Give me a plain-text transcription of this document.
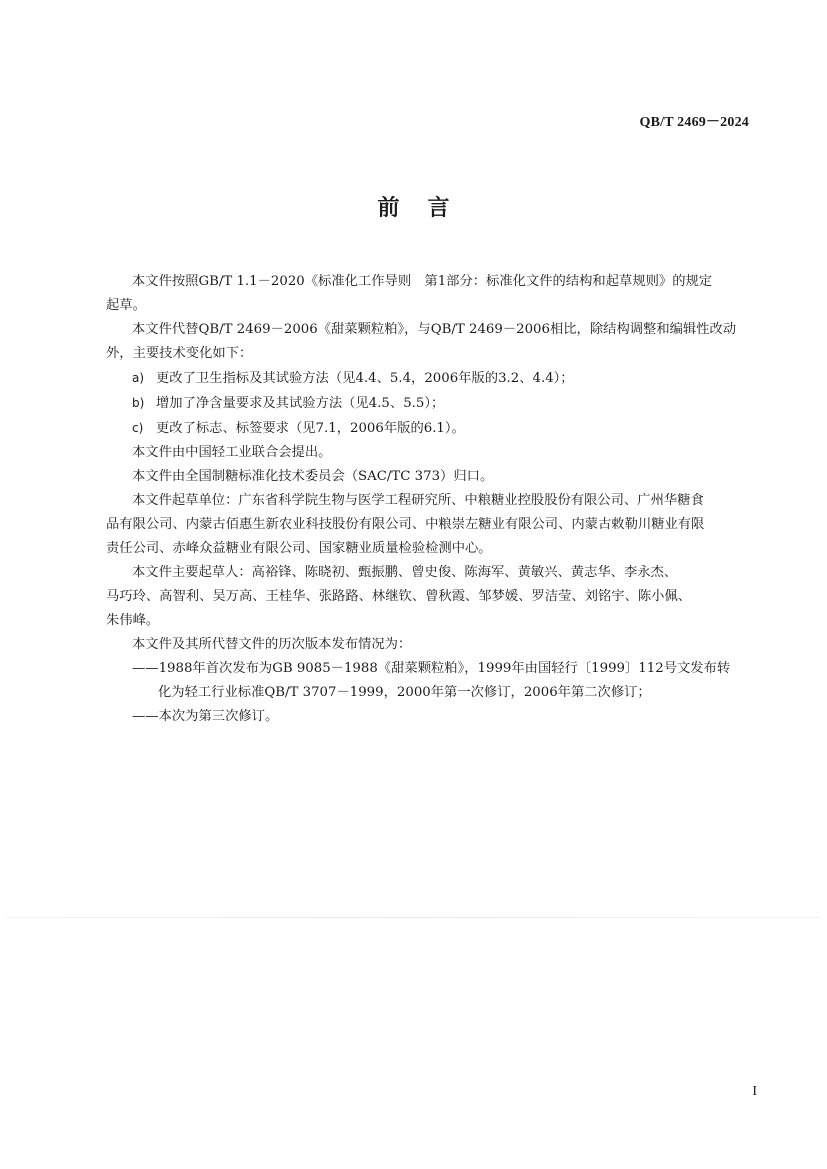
QB/T 2469－2024
前言

本文件按照GB/T 1.1－2020《标准化工作导则　第1部分：标准化文件的结构和起草规则》的规定
起草。

本文件代替QB/T 2469－2006《甜菜颗粒粕》，与QB/T 2469－2006相比，除结构调整和编辑性改动
外，主要技术变化如下：

a) 更改了卫生指标及其试验方法（见4.4、5.4，2006年版的3.2、4.4）；

b) 增加了净含量要求及其试验方法（见4.5、5.5）；

c) 更改了标志、标签要求（见7.1，2006年版的6.1）。

本文件由中国轻工业联合会提出。

本文件由全国制糖标准化技术委员会（SAC/TC 373）归口。

本文件起草单位：广东省科学院生物与医学工程研究所、中粮糖业控股股份有限公司、广州华糖食
品有限公司、内蒙古佰惠生新农业科技股份有限公司、中粮崇左糖业有限公司、内蒙古敕勒川糖业有限
责任公司、赤峰众益糖业有限公司、国家糖业质量检验检测中心。

本文件主要起草人：高裕锋、陈晓初、甄振鹏、曾史俊、陈海军、黄敏兴、黄志华、李永杰、
马巧玲、高智利、吴万高、王桂华、张路路、林继钦、曾秋霞、邹梦媛、罗洁莹、刘铭宇、陈小佩、
朱伟峰。

本文件及其所代替文件的历次版本发布情况为：

——1988年首次发布为GB 9085－1988《甜菜颗粒粕》，1999年由国轻行〔1999〕112号文发布转
化为轻工行业标准QB/T 3707－1999，2000年第一次修订，2006年第二次修订；

——本次为第三次修订。

I
